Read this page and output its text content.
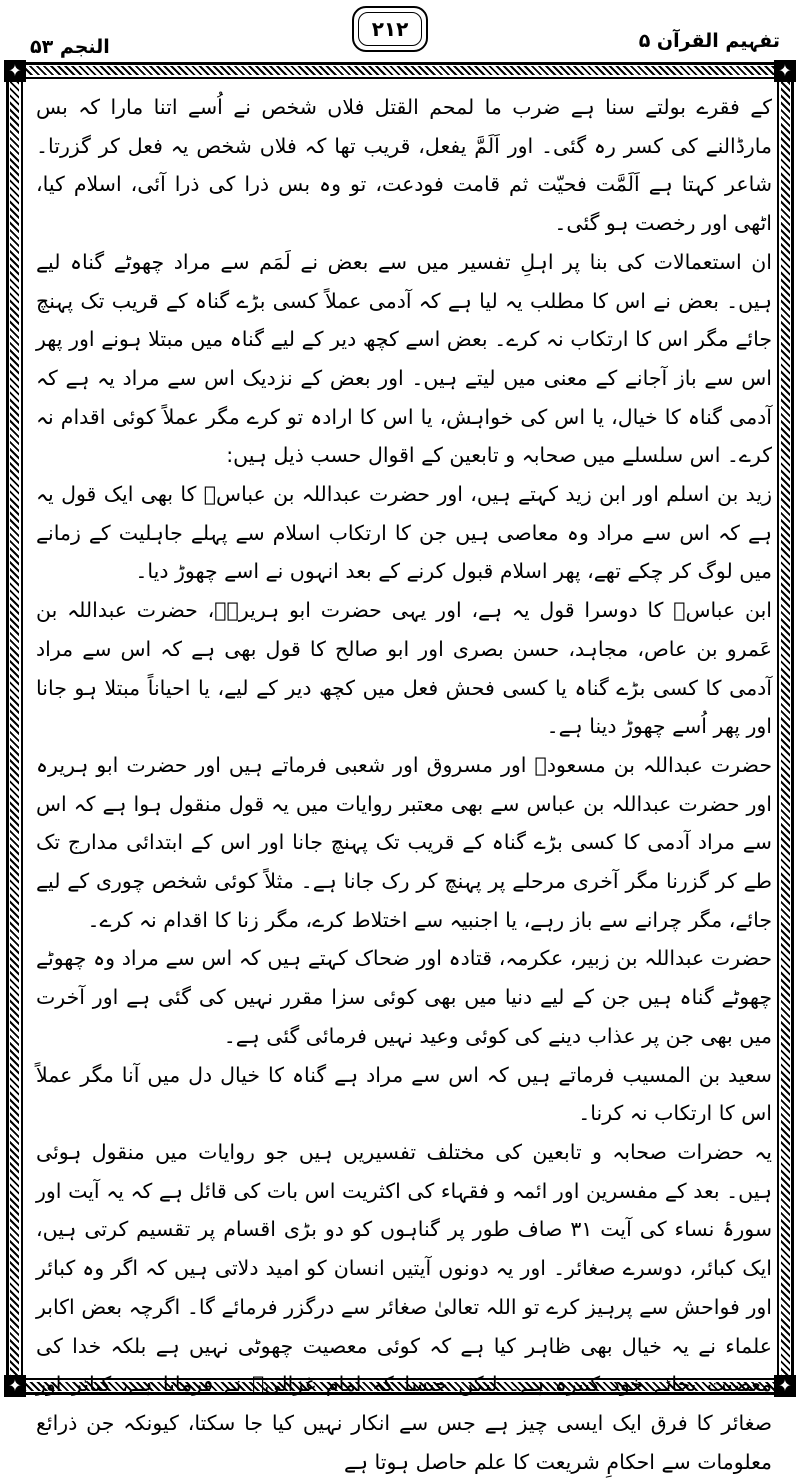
النجم ۵۳
۲۱۲	تفہیم القرآن ۵
✦	✦
✦	✦

کے فقرے بولتے سنا ہے ضرب ما لمحم القتل فلاں شخص نے اُسے اتنا مارا کہ بس مارڈالنے کی کسر رہ گئی۔ اور اَلَمَّ یفعل، قریب تھا کہ فلاں شخص یہ فعل کر گزرتا۔ شاعر کہتا ہے اَلَمَّت فحیّت ثم قامت فودعت، تو وہ بس ذرا کی ذرا آئی، اسلام کیا، اٹھی اور رخصت ہو گئی۔

ان استعمالات کی بنا پر اہلِ تفسیر میں سے بعض نے لَمَم سے مراد چھوٹے گناہ لیے ہیں۔ بعض نے اس کا مطلب یہ لیا ہے کہ آدمی عملاً کسی بڑے گناہ کے قریب تک پہنچ جائے مگر اس کا ارتکاب نہ کرے۔ بعض اسے کچھ دیر کے لیے گناہ میں مبتلا ہونے اور پھر اس سے باز آجانے کے معنی میں لیتے ہیں۔ اور بعض کے نزدیک اس سے مراد یہ ہے کہ آدمی گناہ کا خیال، یا اس کی خواہش، یا اس کا ارادہ تو کرے مگر عملاً کوئی اقدام نہ کرے۔ اس سلسلے میں صحابہ و تابعین کے اقوال حسب ذیل ہیں:

زید بن اسلم اور ابن زید کہتے ہیں، اور حضرت عبداللہ بن عباسؓ کا بھی ایک قول یہ ہے کہ اس سے مراد وہ معاصی ہیں جن کا ارتکاب اسلام سے پہلے جاہلیت کے زمانے میں لوگ کر چکے تھے، پھر اسلام قبول کرنے کے بعد انہوں نے اسے چھوڑ دیا۔

ابن عباسؓ کا دوسرا قول یہ ہے، اور یہی حضرت ابو ہریرہؓ، حضرت عبداللہ بن عَمرو بن عاص، مجاہد، حسن بصری اور ابو صالح کا قول بھی ہے کہ اس سے مراد آدمی کا کسی بڑے گناہ یا کسی فحش فعل میں کچھ دیر کے لیے، یا احیاناً مبتلا ہو جانا اور پھر اُسے چھوڑ دینا ہے۔

حضرت عبداللہ بن مسعودؓ اور مسروق اور شعبی فرماتے ہیں اور حضرت ابو ہریرہ اور حضرت عبداللہ بن عباس سے بھی معتبر روایات میں یہ قول منقول ہوا ہے کہ اس سے مراد آدمی کا کسی بڑے گناہ کے قریب تک پہنچ جانا اور اس کے ابتدائی مدارج تک طے کر گزرنا مگر آخری مرحلے پر پہنچ کر رک جانا ہے۔ مثلاً کوئی شخص چوری کے لیے جائے، مگر چرانے سے باز رہے، یا اجنبیہ سے اختلاط کرے، مگر زنا کا اقدام نہ کرے۔

حضرت عبداللہ بن زبیر، عکرمہ، قتادہ اور ضحاک کہتے ہیں کہ اس سے مراد وہ چھوٹے چھوٹے گناہ ہیں جن کے لیے دنیا میں بھی کوئی سزا مقرر نہیں کی گئی ہے اور آخرت میں بھی جن پر عذاب دینے کی کوئی وعید نہیں فرمائی گئی ہے۔

سعید بن المسیب فرماتے ہیں کہ اس سے مراد ہے گناہ کا خیال دل میں آنا مگر عملاً اس کا ارتکاب نہ کرنا۔

یہ حضرات صحابہ و تابعین کی مختلف تفسیریں ہیں جو روایات میں منقول ہوئی ہیں۔ بعد کے مفسرین اور ائمہ و فقہاء کی اکثریت اس بات کی قائل ہے کہ یہ آیت اور سورۂ نساء کی آیت ۳۱ صاف طور پر گناہوں کو دو بڑی اقسام پر تقسیم کرتی ہیں، ایک کبائر، دوسرے صغائر۔ اور یہ دونوں آیتیں انسان کو امید دلاتی ہیں کہ اگر وہ کبائر اور فواحش سے پرہیز کرے تو اللہ تعالیٰ صغائر سے درگزر فرمائے گا۔ اگرچہ بعض اکابر علماء نے یہ خیال بھی ظاہر کیا ہے کہ کوئی معصیت چھوٹی نہیں ہے بلکہ خدا کی معصیت بجائے خود کبیرہ ہے۔ لیکن جیسا کہ امام غزالیؒ نے فرمایا ہے، کبائر اور صغائر کا فرق ایک ایسی چیز ہے جس سے انکار نہیں کیا جا سکتا، کیونکہ جن ذرائع معلومات سے احکامِ شریعت کا علم حاصل ہوتا ہے
